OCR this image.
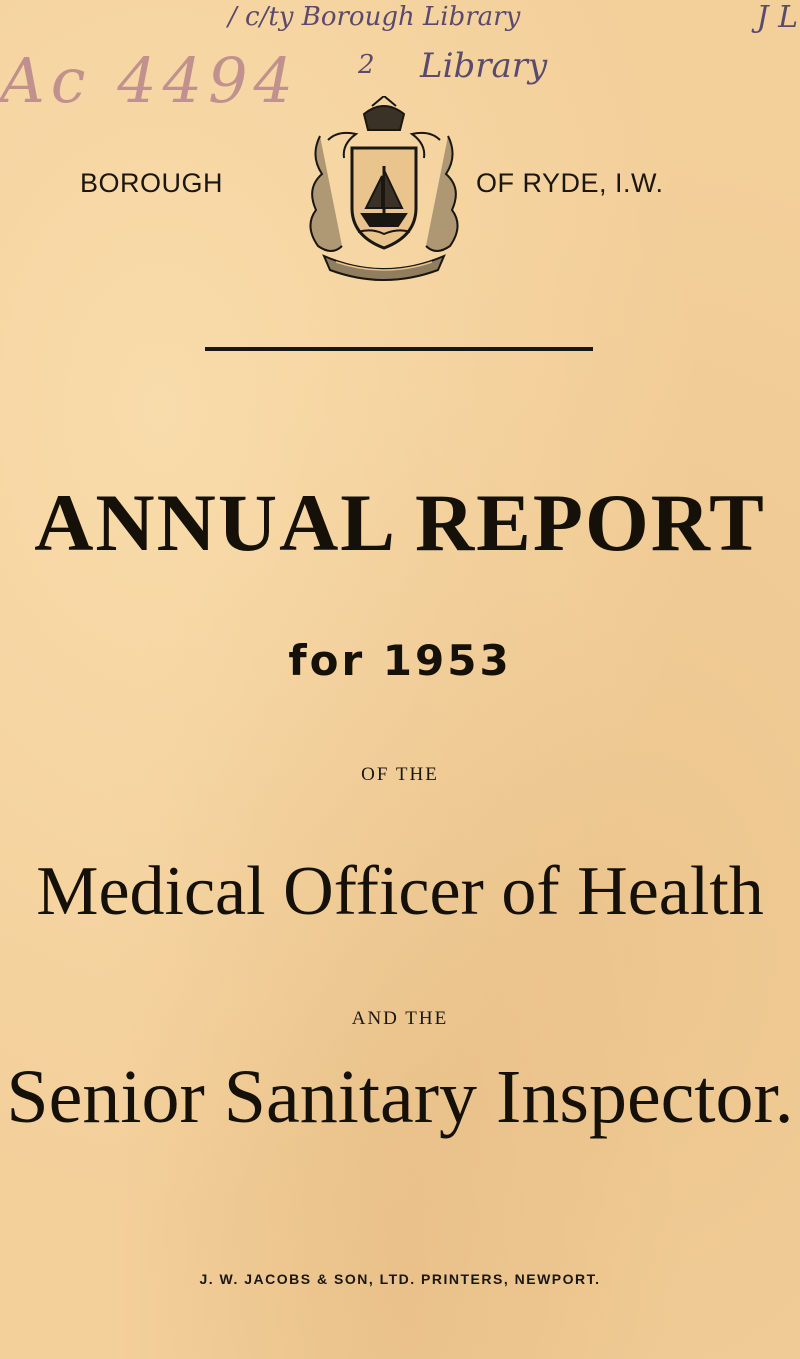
Ac 4494
/ c/ty Borough Library
2 Library
J L
BOROUGH	OF RYDE, I.W.
ANNUAL REPORT
for 1953
OF THE
Medical Officer of Health
AND THE
Senior Sanitary Inspector.
J. W. JACOBS & SON, LTD. PRINTERS, NEWPORT.
